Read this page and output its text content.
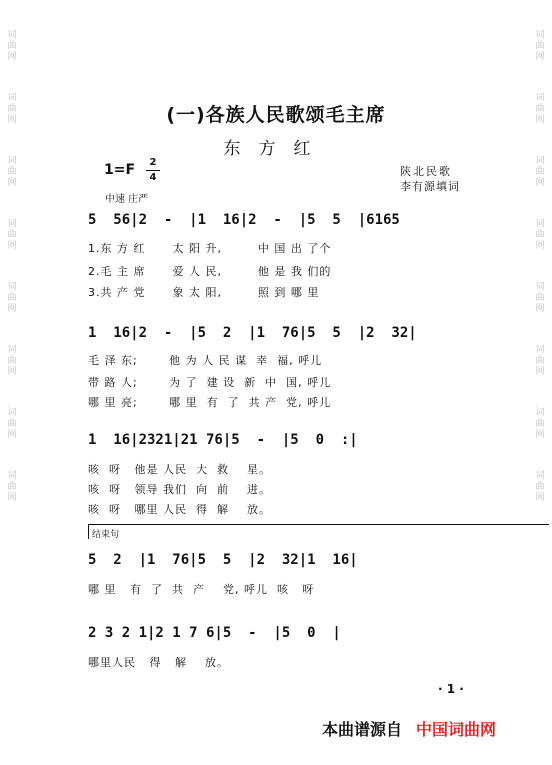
词
曲
网
词
曲
网
词
曲
网
词
曲
网
词
曲
网
词
曲
网
词
曲
网
词
曲
网
词
曲
网
词
曲
网
词
曲
网
词
曲
网
词
曲
网
词
曲
网
词
曲
网
词
曲
网
(一)各族人民歌颂毛主席
东方红
1=F	2
4
中速 庄严
陕北民歌
李有源填词
5  56|2  -  |1  16|2  -  |5  5  |6165
1.东 方 红      太 阳 升,        中 国 出 了个
2.毛 主 席      爱 人 民,        他 是 我 们的
3.共 产 党      象 太 阳,        照 到 哪 里
1  16|2  -  |5  2  |1  76|5  5  |2  32|
毛 泽 东;       他 为 人 民 谋  幸  福, 呼儿
带 路 人;       为 了  建 设  新  中  国, 呼儿
哪 里 亮;       哪 里  有  了  共 产  党, 呼儿
1  16|2321|21 76|5  -  |5  0  :|
咳  呀   他是 人民  大  救    星。
咳  呀   领导 我们  向  前    进。
咳  呀   哪里 人民  得  解    放。
结束句
5  2  |1  76|5  5  |2  32|1  16|
哪 里   有  了  共  产    党, 呼儿  咳   呀
2 3 2 1|2 1 7 6|5  -  |5  0  |
哪里人民   得   解    放。
· 1 ·
本曲谱源自 中国词曲网
